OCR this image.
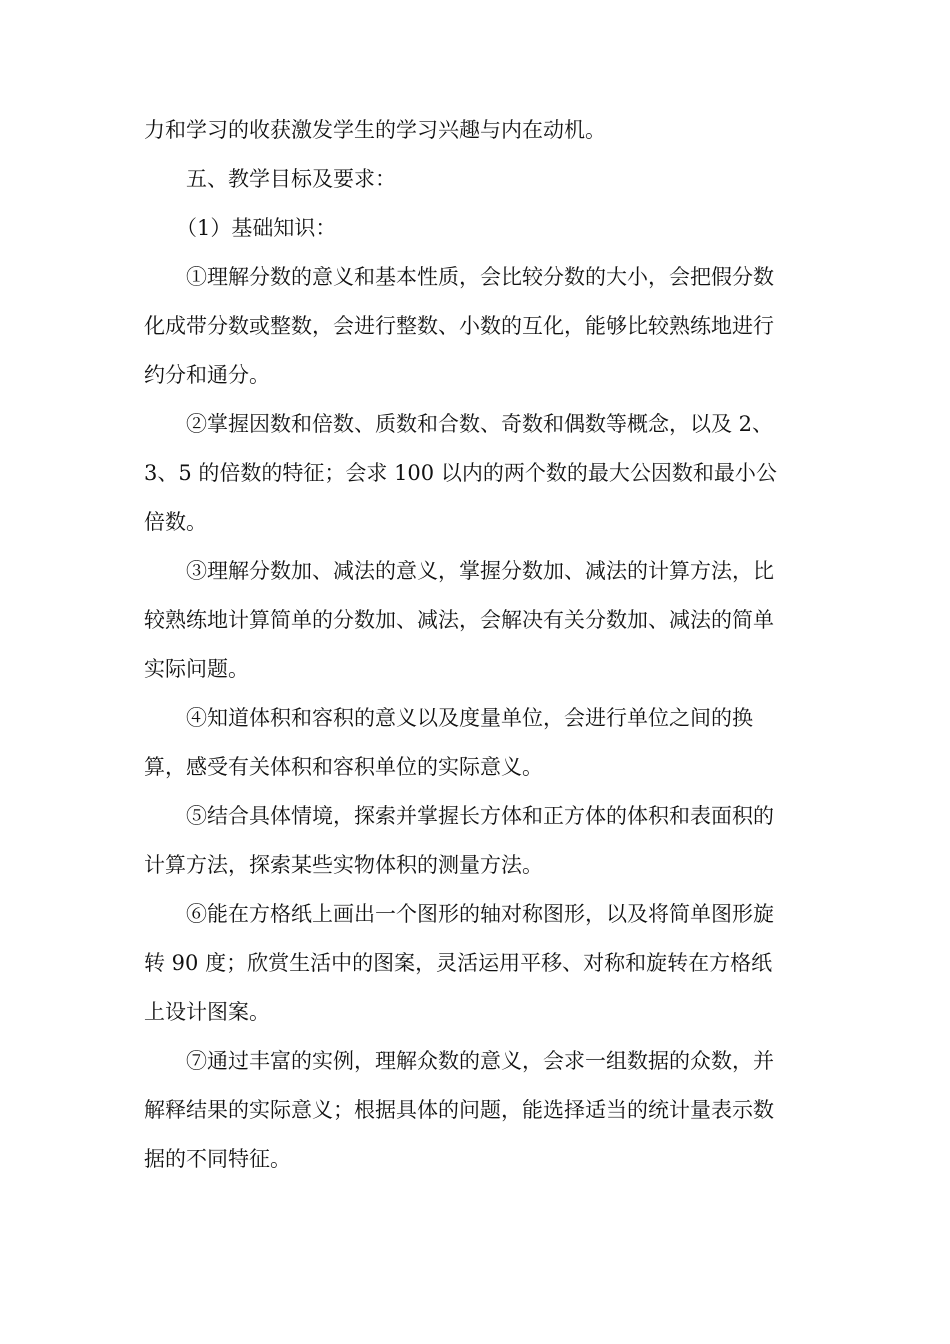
力和学习的收获激发学生的学习兴趣与内在动机。
五、教学目标及要求：
（1）基础知识：
①理解分数的意义和基本性质，会比较分数的大小，会把假分数
化成带分数或整数，会进行整数、小数的互化，能够比较熟练地进行
约分和通分。
②掌握因数和倍数、质数和合数、奇数和偶数等概念，以及 2、
3、5 的倍数的特征；会求 100 以内的两个数的最大公因数和最小公
倍数。
③理解分数加、减法的意义，掌握分数加、减法的计算方法，比
较熟练地计算简单的分数加、减法，会解决有关分数加、减法的简单
实际问题。
④知道体积和容积的意义以及度量单位，会进行单位之间的换
算，感受有关体积和容积单位的实际意义。
⑤结合具体情境，探索并掌握长方体和正方体的体积和表面积的
计算方法，探索某些实物体积的测量方法。
⑥能在方格纸上画出一个图形的轴对称图形，以及将简单图形旋
转 90 度；欣赏生活中的图案，灵活运用平移、对称和旋转在方格纸
上设计图案。
⑦通过丰富的实例，理解众数的意义，会求一组数据的众数，并
解释结果的实际意义；根据具体的问题，能选择适当的统计量表示数
据的不同特征。
